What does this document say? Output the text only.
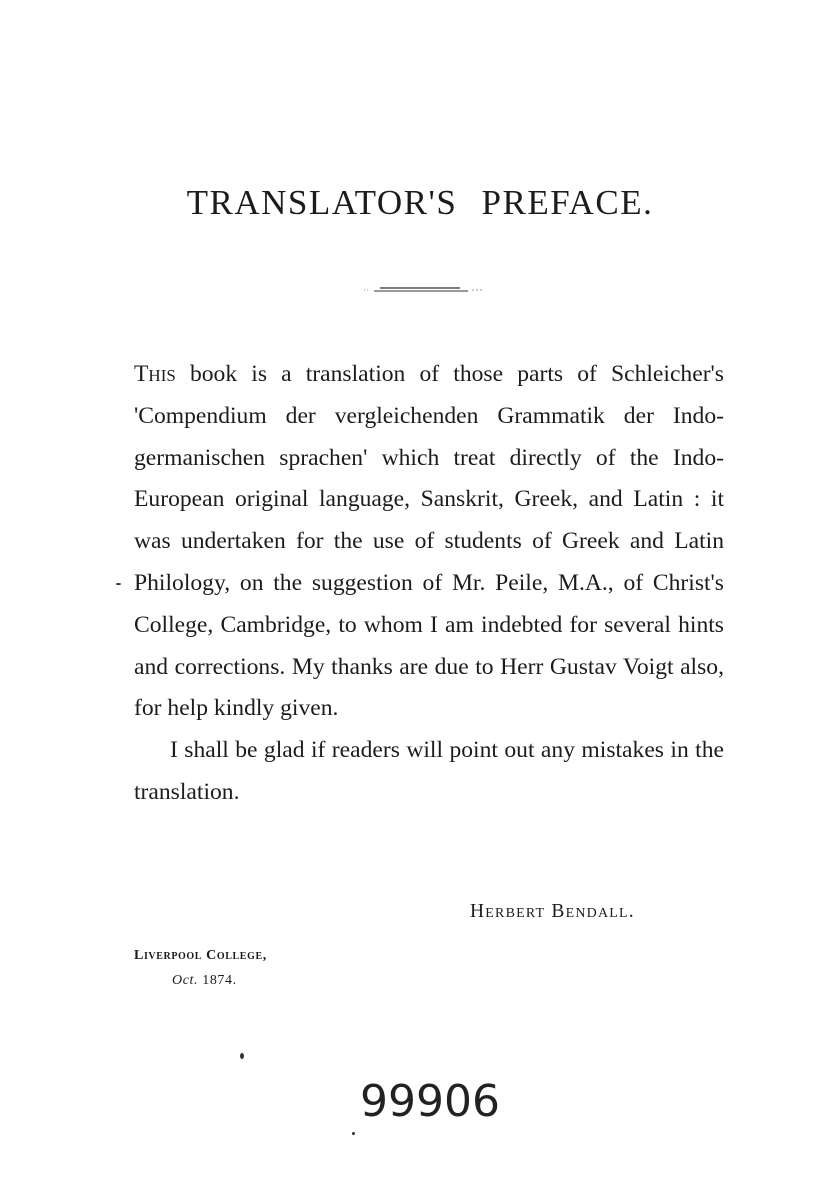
TRANSLATOR'S PREFACE.

This book is a translation of those parts of Schleicher's 'Compendium der vergleichenden Grammatik der Indo-germanischen sprachen' which treat directly of the Indo-European original language, Sanskrit, Greek, and Latin : it was undertaken for the use of students of Greek and Latin Philology, on the suggestion of Mr. Peile, M.A., of Christ's College, Cambridge, to whom I am indebted for several hints and corrections. My thanks are due to Herr Gustav Voigt also, for help kindly given.

I shall be glad if readers will point out any mistakes in the translation.

Herbert Bendall.
Liverpool College,
Oct. 1874.
99906
